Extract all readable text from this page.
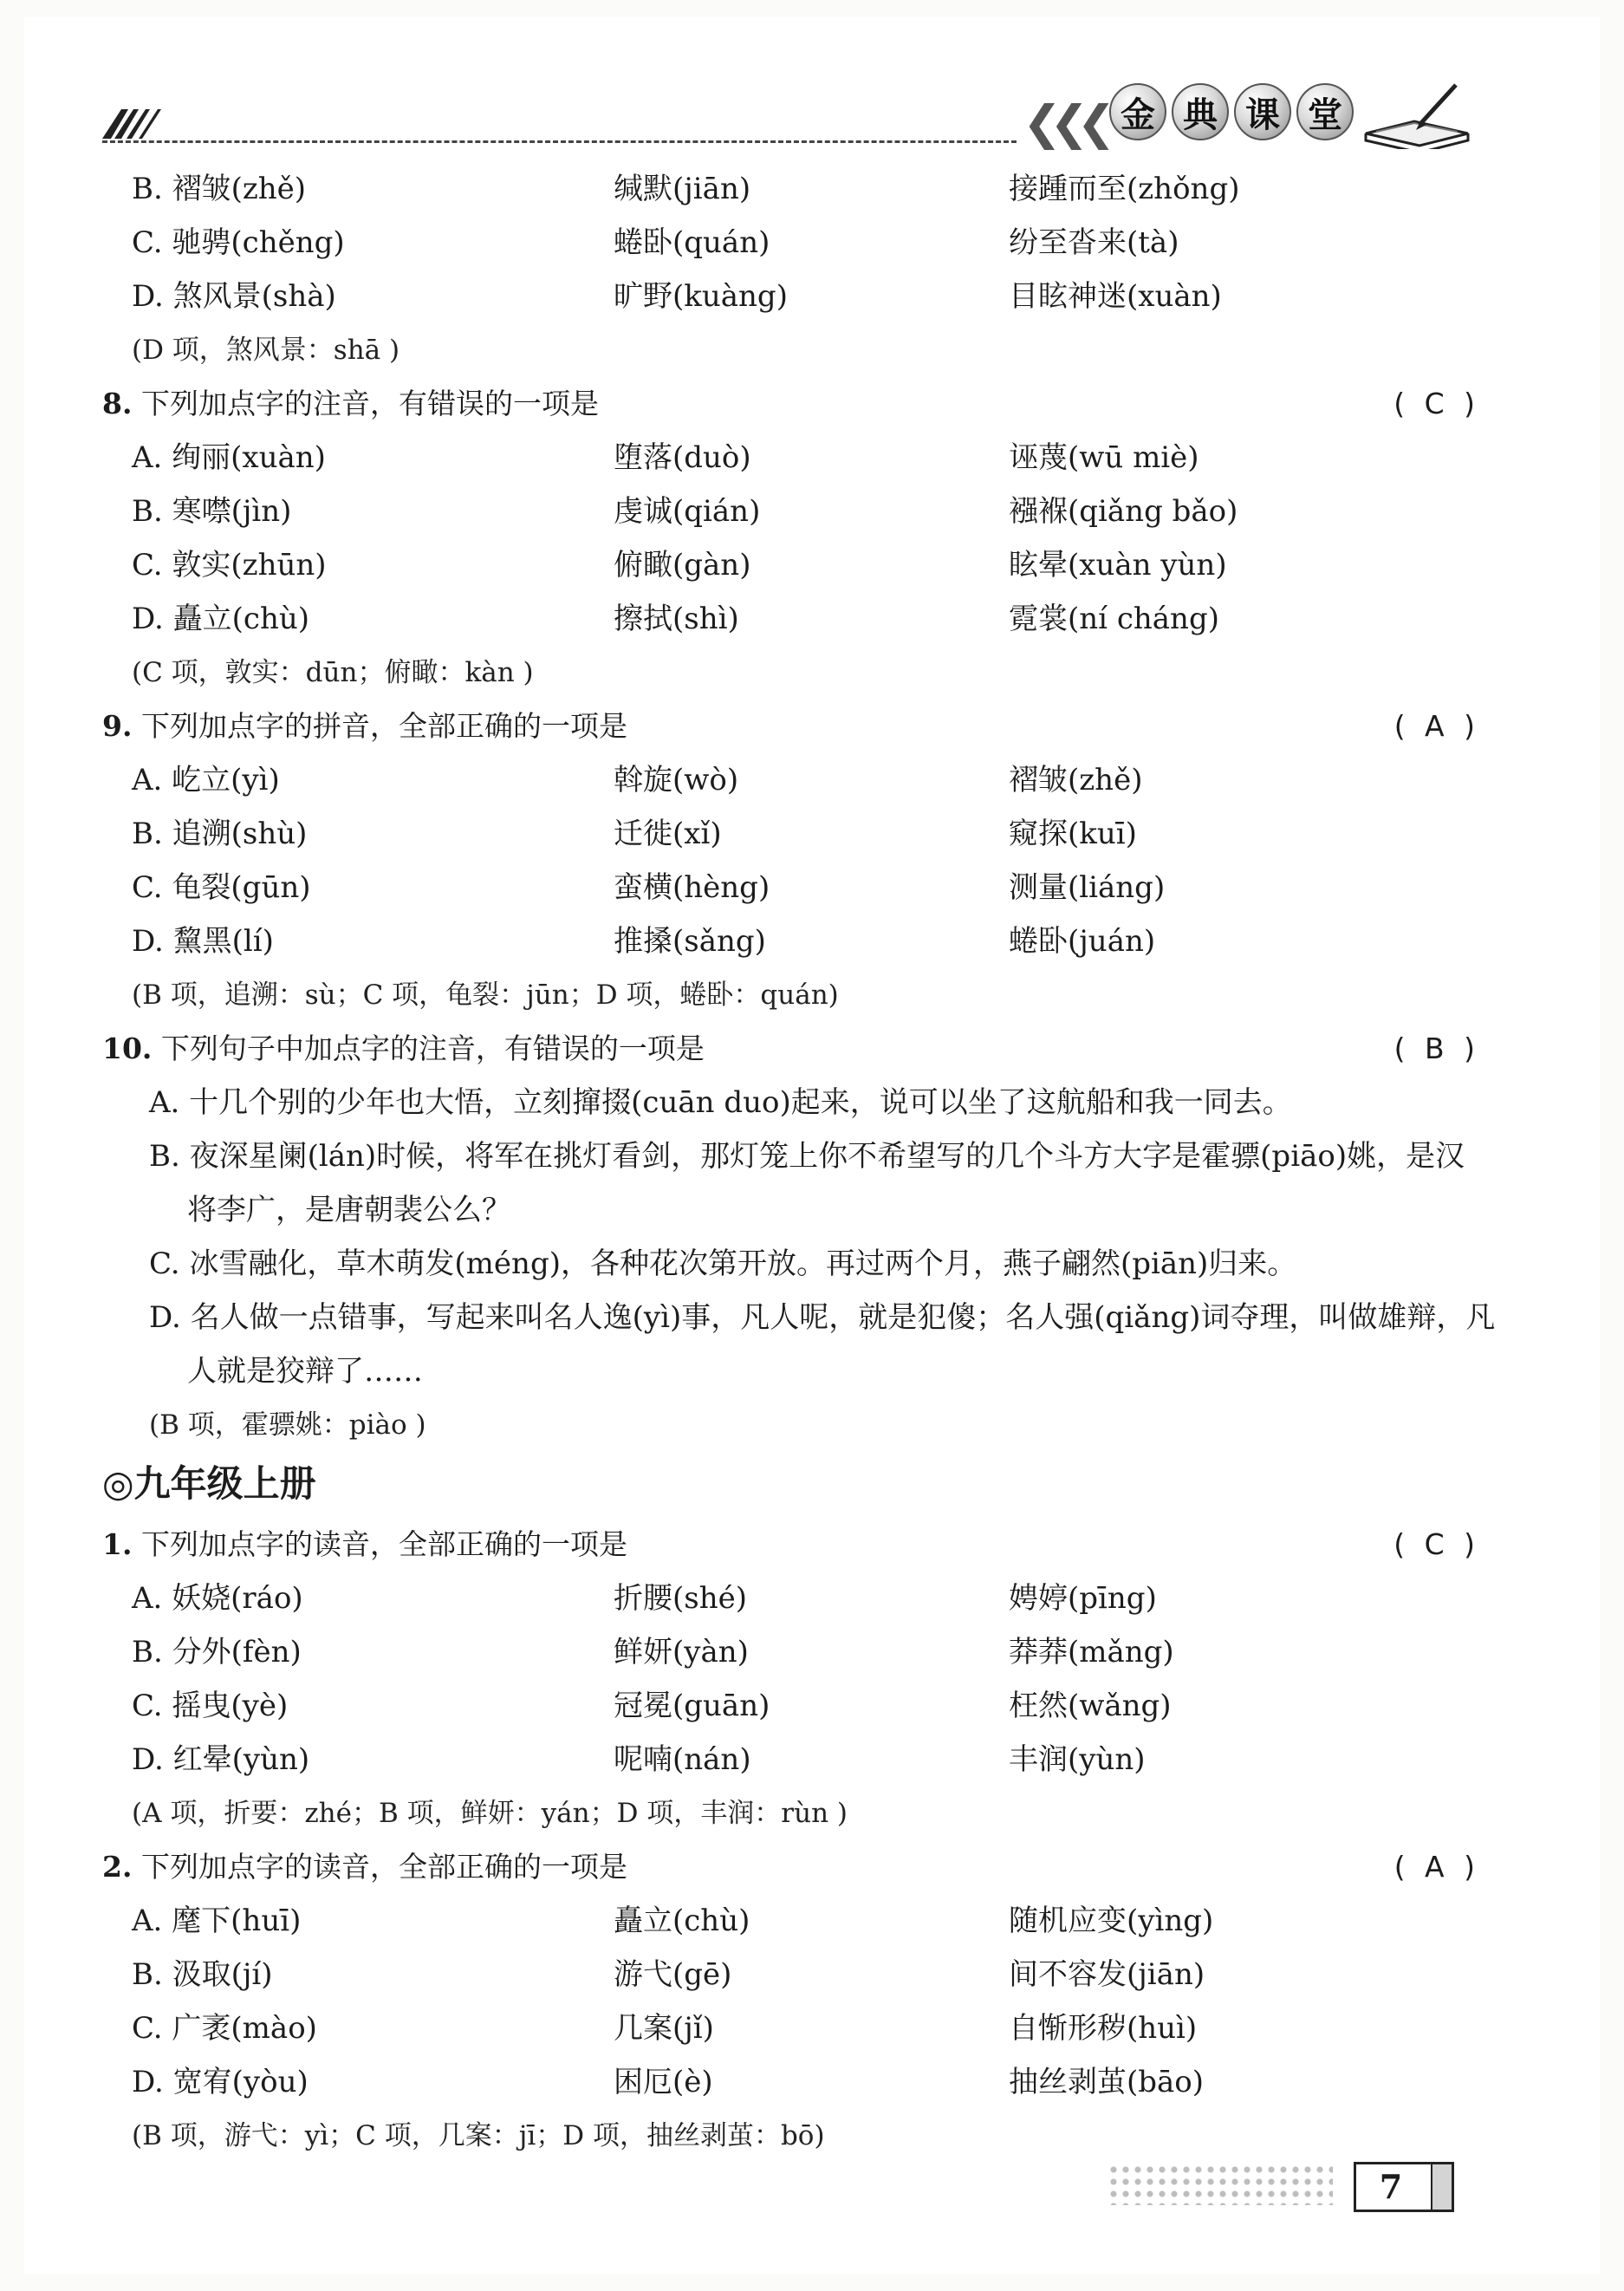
❮❮❮ 金 典 课 堂
B. 褶皱(zhě)	缄默(jiān)	接踵而至(zhǒng)
C. 驰骋(chěng)	蜷卧(quán)	纷至沓来(tà)
D. 煞风景(shà)	旷野(kuàng)	目眩神迷(xuàn)
(D 项，煞风景：shā )
8. 下列加点字的注音，有错误的一项是	( C )
A. 绚丽(xuàn)	堕落(duò)	诬蔑(wū miè)
B. 寒噤(jìn)	虔诚(qián)	襁褓(qiǎng bǎo)
C. 敦实(zhūn)	俯瞰(gàn)	眩晕(xuàn yùn)
D. 矗立(chù)	擦拭(shì)	霓裳(ní cháng)
(C 项，敦实：dūn；俯瞰：kàn )
9. 下列加点字的拼音，全部正确的一项是	( A )
A. 屹立(yì)	斡旋(wò)	褶皱(zhě)
B. 追溯(shù)	迁徙(xǐ)	窥探(kuī)
C. 龟裂(gūn)	蛮横(hèng)	测量(liáng)
D. 黧黑(lí)	推搡(sǎng)	蜷卧(juán)
(B 项，追溯：sù；C 项，龟裂：jūn；D 项，蜷卧：quán)
10. 下列句子中加点字的注音，有错误的一项是	( B )
A. 十几个别的少年也大悟，立刻撺掇(cuān duo)起来，说可以坐了这航船和我一同去。
B. 夜深星阑(lán)时候，将军在挑灯看剑，那灯笼上你不希望写的几个斗方大字是霍骠(piāo)姚，是汉
将李广，是唐朝裴公么？
C. 冰雪融化，草木萌发(méng)，各种花次第开放。再过两个月，燕子翩然(piān)归来。
D. 名人做一点错事，写起来叫名人逸(yì)事，凡人呢，就是犯傻；名人强(qiǎng)词夺理，叫做雄辩，凡
人就是狡辩了……
(B 项，霍骠姚：piào )
◎九年级上册
1. 下列加点字的读音，全部正确的一项是	( C )
A. 妖娆(ráo)	折腰(shé)	娉婷(pīng)
B. 分外(fèn)	鲜妍(yàn)	莽莽(mǎng)
C. 摇曳(yè)	冠冕(guān)	枉然(wǎng)
D. 红晕(yùn)	呢喃(nán)	丰润(yùn)
(A 项，折要：zhé；B 项，鲜妍：yán；D 项，丰润：rùn )
2. 下列加点字的读音，全部正确的一项是	( A )
A. 麾下(huī)	矗立(chù)	随机应变(yìng)
B. 汲取(jí)	游弋(gē)	间不容发(jiān)
C. 广袤(mào)	几案(jǐ)	自惭形秽(huì)
D. 宽宥(yòu)	困厄(è)	抽丝剥茧(bāo)
(B 项，游弋：yì；C 项，几案：jī；D 项，抽丝剥茧：bō)
7
